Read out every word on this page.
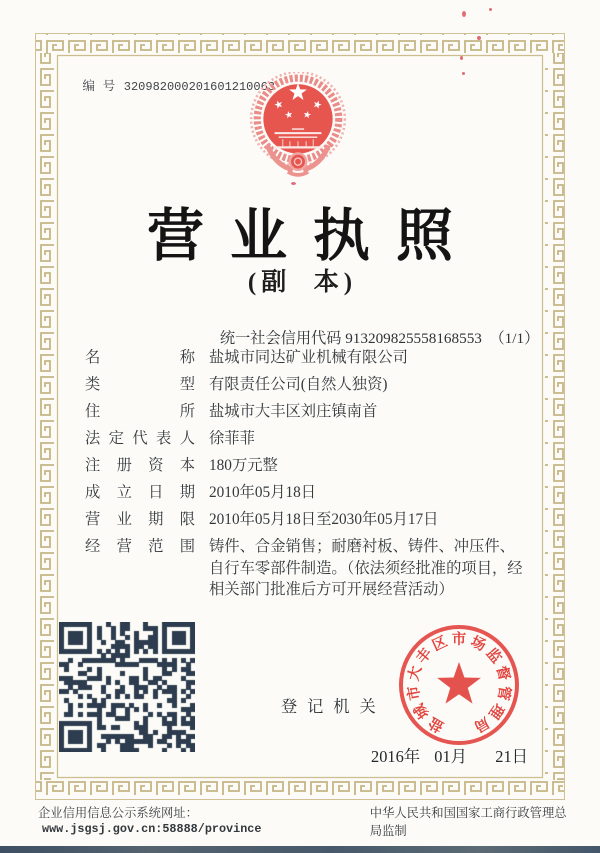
编  号 320982000201601210063

营业执照
(副  本)

统一社会信用代码 913209825558168553 （1/1）

名称 盐城市同达矿业机械有限公司
类型 有限责任公司(自然人独资)
住所 盐城市大丰区刘庄镇南首
法定代表人 徐菲菲
注册资本 180万元整
成立日期 2010年05月18日
营业期限 2010年05月18日至2030年05月17日
经营范围 铸件、合金销售；耐磨衬板、铸件、冲压件、自行车零部件制造。（依法须经批准的项目，经相关部门批准后方可开展经营活动）
登记机关
盐
城
市
大
丰
区 市 场
监
督
管
理
局
2016年 01月  21日
企业信用信息公示系统网址：www.jsgsj.gov.cn:58888/province
中华人民共和国国家工商行政管理总局监制
